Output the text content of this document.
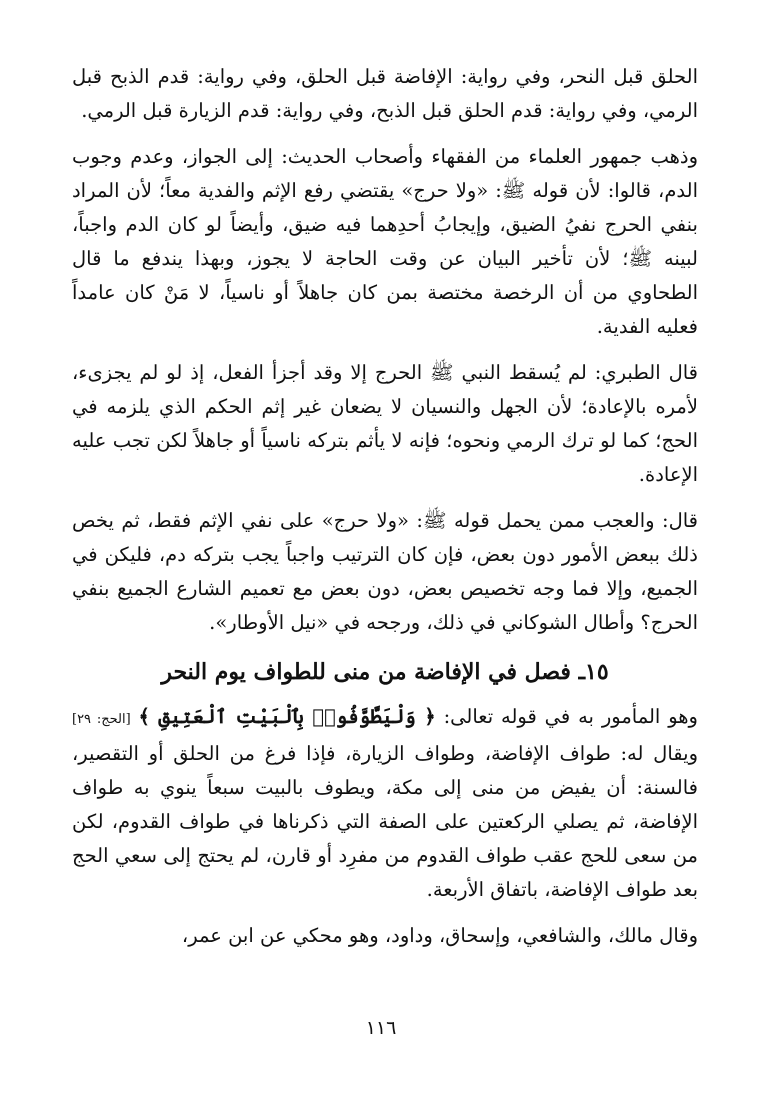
الحلق قبل النحر، وفي رواية: الإفاضة قبل الحلق، وفي رواية: قدم الذبح قبل الرمي، وفي رواية: قدم الحلق قبل الذبح، وفي رواية: قدم الزيارة قبل الرمي.

وذهب جمهور العلماء من الفقهاء وأصحاب الحديث: إلى الجواز، وعدم وجوب الدم، قالوا: لأن قوله ﷺ: «ولا حرج» يقتضي رفع الإثم والفدية معاً؛ لأن المراد بنفي الحرج نفيُ الضيق، وإيجابُ أحدِهما فيه ضيق، وأيضاً لو كان الدم واجباً، لبينه ﷺ؛ لأن تأخير البيان عن وقت الحاجة لا يجوز، وبهذا يندفع ما قال الطحاوي من أن الرخصة مختصة بمن كان جاهلاً أو ناسياً، لا مَنْ كان عامداً فعليه الفدية.

قال الطبري: لم يُسقط النبي ﷺ الحرج إلا وقد أجزأ الفعل، إذ لو لم يجزىء، لأمره بالإعادة؛ لأن الجهل والنسيان لا يضعان غير إثم الحكم الذي يلزمه في الحج؛ كما لو ترك الرمي ونحوه؛ فإنه لا يأثم بتركه ناسياً أو جاهلاً لكن تجب عليه الإعادة.

قال: والعجب ممن يحمل قوله ﷺ: «ولا حرج» على نفي الإثم فقط، ثم يخص ذلك ببعض الأمور دون بعض، فإن كان الترتيب واجباً يجب بتركه دم، فليكن في الجميع، وإلا فما وجه تخصيص بعض، دون بعض مع تعميم الشارع الجميع بنفي الحرج؟ وأطال الشوكاني في ذلك، ورجحه في «نيل الأوطار».

١٥ـ فصل في الإفاضة من منى للطواف يوم النحر

وهو المأمور به في قوله تعالى: ﴿ وَلْيَطَّوَّفُوا۟ بِٱلْبَيْتِ ٱلْعَتِيقِ ﴾ [الحج: ٢٩]

ويقال له: طواف الإفاضة، وطواف الزيارة، فإذا فرغ من الحلق أو التقصير، فالسنة: أن يفيض من منى إلى مكة، ويطوف بالبيت سبعاً ينوي به طواف الإفاضة، ثم يصلي الركعتين على الصفة التي ذكرناها في طواف القدوم، لكن من سعى للحج عقب طواف القدوم من مفرِد أو قارن، لم يحتج إلى سعي الحج بعد طواف الإفاضة، باتفاق الأربعة.

وقال مالك، والشافعي، وإسحاق، وداود، وهو محكي عن ابن عمر،

١١٦
